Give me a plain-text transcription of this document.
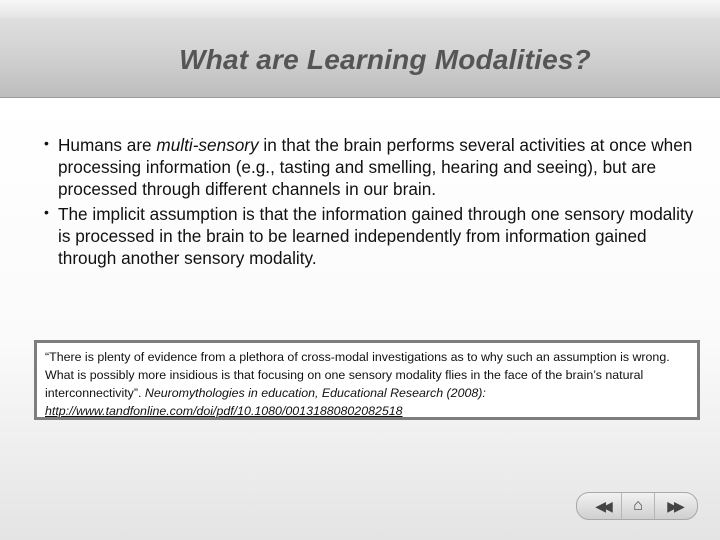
What are Learning Modalities?
• Humans are multi-sensory in that the brain performs several activities at once when processing information (e.g., tasting and smelling, hearing and seeing), but are processed through different channels in our brain.
• The implicit assumption is that the information gained through one sensory modality is processed in the brain to be learned independently from information gained through another sensory modality.
“There is plenty of evidence from a plethora of cross-modal investigations as to why such an assumption is wrong. What is possibly more insidious is that focusing on one sensory modality flies in the face of the brain’s natural interconnectivity”. Neuromythologies in education, Educational Research (2008): http://www.tandfonline.com/doi/pdf/10.1080/00131880802082518
◀◀ ⌂ ▶▶
